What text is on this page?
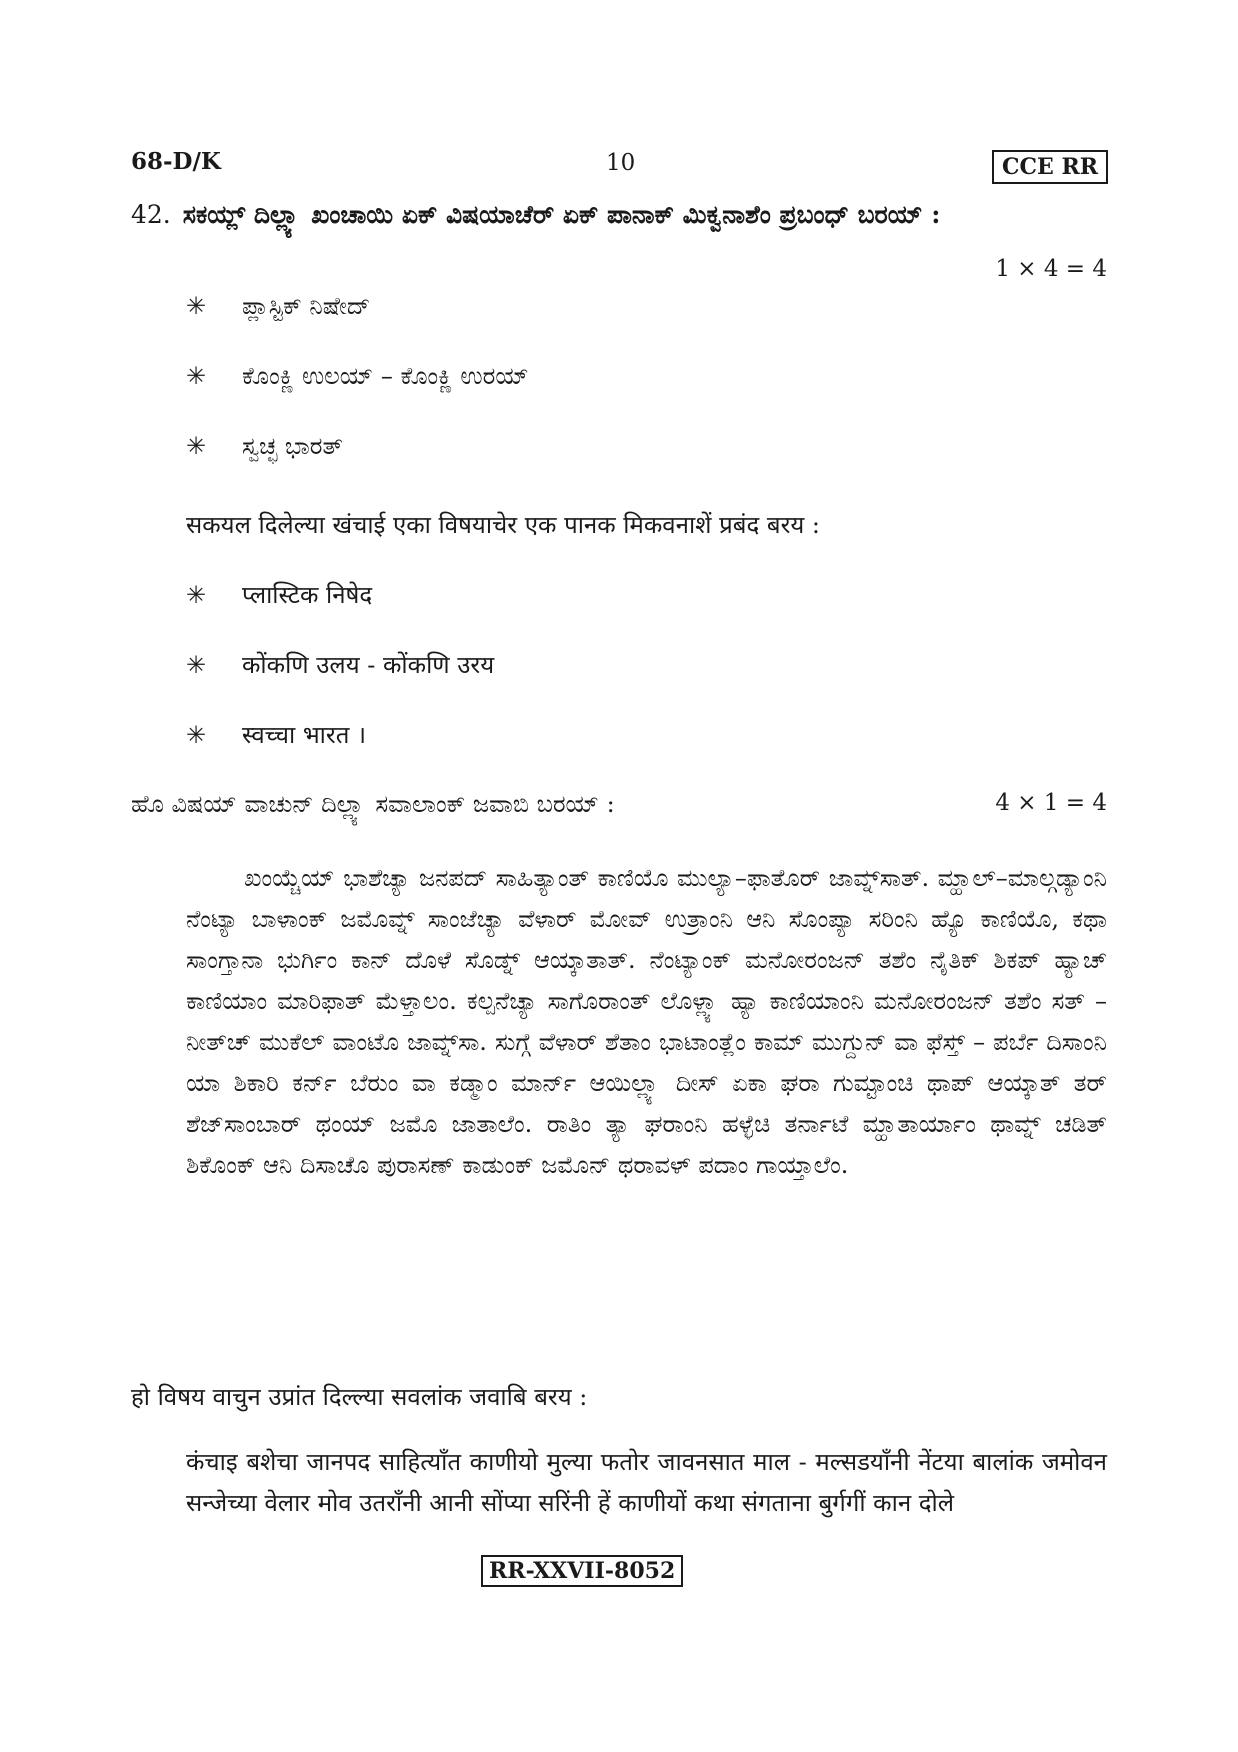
68-D/K	10	CCE RR
42. ಸಕಯ್ಲ್ ದಿಲ್ಲ್ಯಾ ಖಂಚಾಯಿ ಏಕ್ ವಿಷಯಾಚೆರ್ ಏಕ್ ಪಾನಾಕ್ ಮಿಕ್ವನಾಶೆಂ ಪ್ರಬಂಧ್ ಬರಯ್ :
1 × 4 = 4
✳ ಪ್ಲಾಸ್ಟಿಕ್ ನಿಷೇದ್
✳ ಕೊಂಕ್ಣಿ ಉಲಯ್ – ಕೊಂಕ್ಣಿ ಉರಯ್
✳ ಸ್ವಚ್ಛ ಭಾರತ್
सकयल दिलेल्या खंचाई एका विषयाचेर एक पानक मिकवनाशें प्रबंद बरय :
✳ प्लास्टिक निषेद
✳ कोंकणि उलय - कोंकणि उरय
✳ स्वच्चा भारत ।
ಹೊ ವಿಷಯ್ ವಾಚುನ್ ದಿಲ್ಲ್ಯಾ ಸವಾಲಾಂಕ್ ಜವಾಬಿ ಬರಯ್ :	4 × 1 = 4
ಖಂಯ್ಚೆಯ್ ಭಾಶೆಚ್ಯಾ ಜನಪದ್ ಸಾಹಿತ್ಯಾಂತ್ ಕಾಣಿಯೊ ಮುಲ್ಯಾ–ಫಾತೊರ್ ಜಾವ್ನ್‌ಸಾತ್. ಮ್ಹಾಲ್–ಮಾಲ್ಗಡ್ಯಾಂನಿ ನೆಂಟ್ಯಾ ಬಾಳಾಂಕ್ ಜಮೊವ್ನ್ ಸಾಂಜೆಚ್ಯಾ ವೆಳಾರ್ ಮೋವ್ ಉತ್ರಾಂನಿ ಆನಿ ಸೊಂಪ್ಯಾ ಸರಿಂನಿ ಹ್ಯೊ ಕಾಣಿಯೊ, ಕಥಾ ಸಾಂಗ್ತಾನಾ ಭುರ್ಗಿಂ ಕಾನ್ ದೊಳೆ ಸೊಡ್ನ್ ಆಯ್ಕಾತಾತ್. ನೆಂಟ್ಯಾಂಕ್ ಮನೋರಂಜನ್ ತಶೆಂ ನೈತಿಕ್ ಶಿಕಪ್ ಹ್ಯಾಚ್ ಕಾಣಿಯಾಂ ಮಾರಿಫಾತ್ ಮೆಳ್ತಾಲಂ. ಕಲ್ಪನೆಚ್ಯಾ ಸಾಗೊರಾಂತ್ ಲೊಳ್ಲ್ಯಾ ಹ್ಯಾ ಕಾಣಿಯಾಂನಿ ಮನೋರಂಜನ್ ತಶೆಂ ಸತ್ – ನೀತ್‌ಚ್ ಮುಕೆಲ್ ವಾಂಟೊ ಜಾವ್ನ್‌ಸಾ. ಸುಗ್ಗೆ ವೆಳಾರ್ ಶೆತಾಂ ಭಾಟಾಂತ್ಲೆಂ ಕಾಮ್ ಮುಗ್ದುನ್ ವಾ ಫೆಸ್ತ್ – ಪರ್ಬೆ ದಿಸಾಂನಿ ಯಾ ಶಿಕಾರಿ ಕರ್ನ್ ಬೆರುಂ ವಾ ಕಡ್ಮಾಂ ಮಾರ್ನ್ ಆಯಿಲ್ಲ್ಯಾ ದೀಸ್ ಏಕಾ ಘರಾ ಗುಮ್ಟಾಂಚಿ ಥಾಪ್ ಆಯ್ಕಾತ್ ತರ್ ಶೆಜ್‌ಸಾಂಬಾರ್ ಥಂಯ್ ಜಮೊ ಜಾತಾಲೆಂ. ರಾತಿಂ ತ್ಯಾ ಘರಾಂನಿ ಹಳ್ಳೆಚಿ ತರ್ನಾಟೆ ಮ್ಹಾತಾರ್ಯಾಂ ಥಾವ್ನ್ ಚಡಿತ್ ಶಿಕೊಂಕ್ ಆನಿ ದಿಸಾಚೊ ಪುರಾಸಣ್ ಕಾಡುಂಕ್ ಜಮೊನ್ ಥರಾವಳ್ ಪದಾಂ ಗಾಯ್ತಾಲೆಂ.
हो विषय वाचुन उप्रांत दिल्ल्या सवलांक जवाबि बरय :
कंचाइ बशेचा जानपद साहित्याँत काणीयो मुल्या फतोर जावनसात माल - मल्सडयाँनी नेंटया बालांक जमोवन सन्जेच्या वेलार मोव उतराँनी आनी सोंप्या सरिंनी हें काणीयों कथा संगताना बुर्गगीं कान दोले
RR-XXVII-8052
